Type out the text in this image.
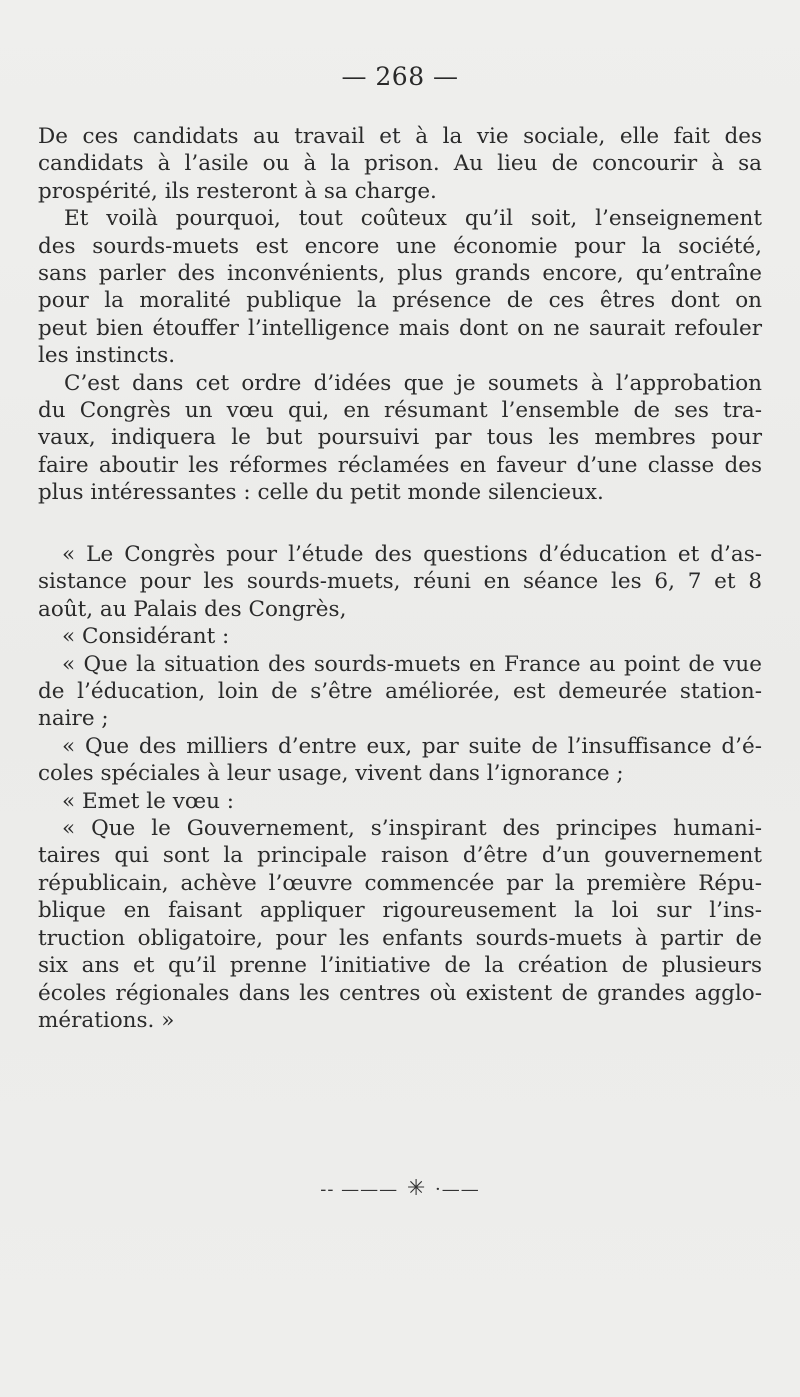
— 268 —
De ces candidats au travail et à la vie sociale, elle fait des
candidats à l’asile ou à la prison. Au lieu de concourir à sa
prospérité, ils resteront à sa charge.
Et voilà pourquoi, tout coûteux qu’il soit, l’enseignement
des sourds-muets est encore une économie pour la société,
sans parler des inconvénients, plus grands encore, qu’entraîne
pour la moralité publique la présence de ces êtres dont on
peut bien étouffer l’intelligence mais dont on ne saurait refouler
les instincts.
C’est dans cet ordre d’idées que je soumets à l’approbation
du Congrès un vœu qui, en résumant l’ensemble de ses tra-
vaux, indiquera le but poursuivi par tous les membres pour
faire aboutir les réformes réclamées en faveur d’une classe des
plus intéressantes : celle du petit monde silencieux.
« Le Congrès pour l’étude des questions d’éducation et d’as-
sistance pour les sourds-muets, réuni en séance les 6, 7 et 8
août, au Palais des Congrès,
« Considérant :
« Que la situation des sourds-muets en France au point de vue
de l’éducation, loin de s’être améliorée, est demeurée station-
naire ;
« Que des milliers d’entre eux, par suite de l’insuffisance d’é-
coles spéciales à leur usage, vivent dans l’ignorance ;
« Emet le vœu :
« Que le Gouvernement, s’inspirant des principes humani-
taires qui sont la principale raison d’être d’un gouvernement
républicain, achève l’œuvre commencée par la première Répu-
blique en faisant appliquer rigoureusement la loi sur l’ins-
truction obligatoire, pour les enfants sourds-muets à partir de
six ans et qu’il prenne l’initiative de la création de plusieurs
écoles régionales dans les centres où existent de grandes agglo-
mérations. »
-- ——— ✳ ·——
